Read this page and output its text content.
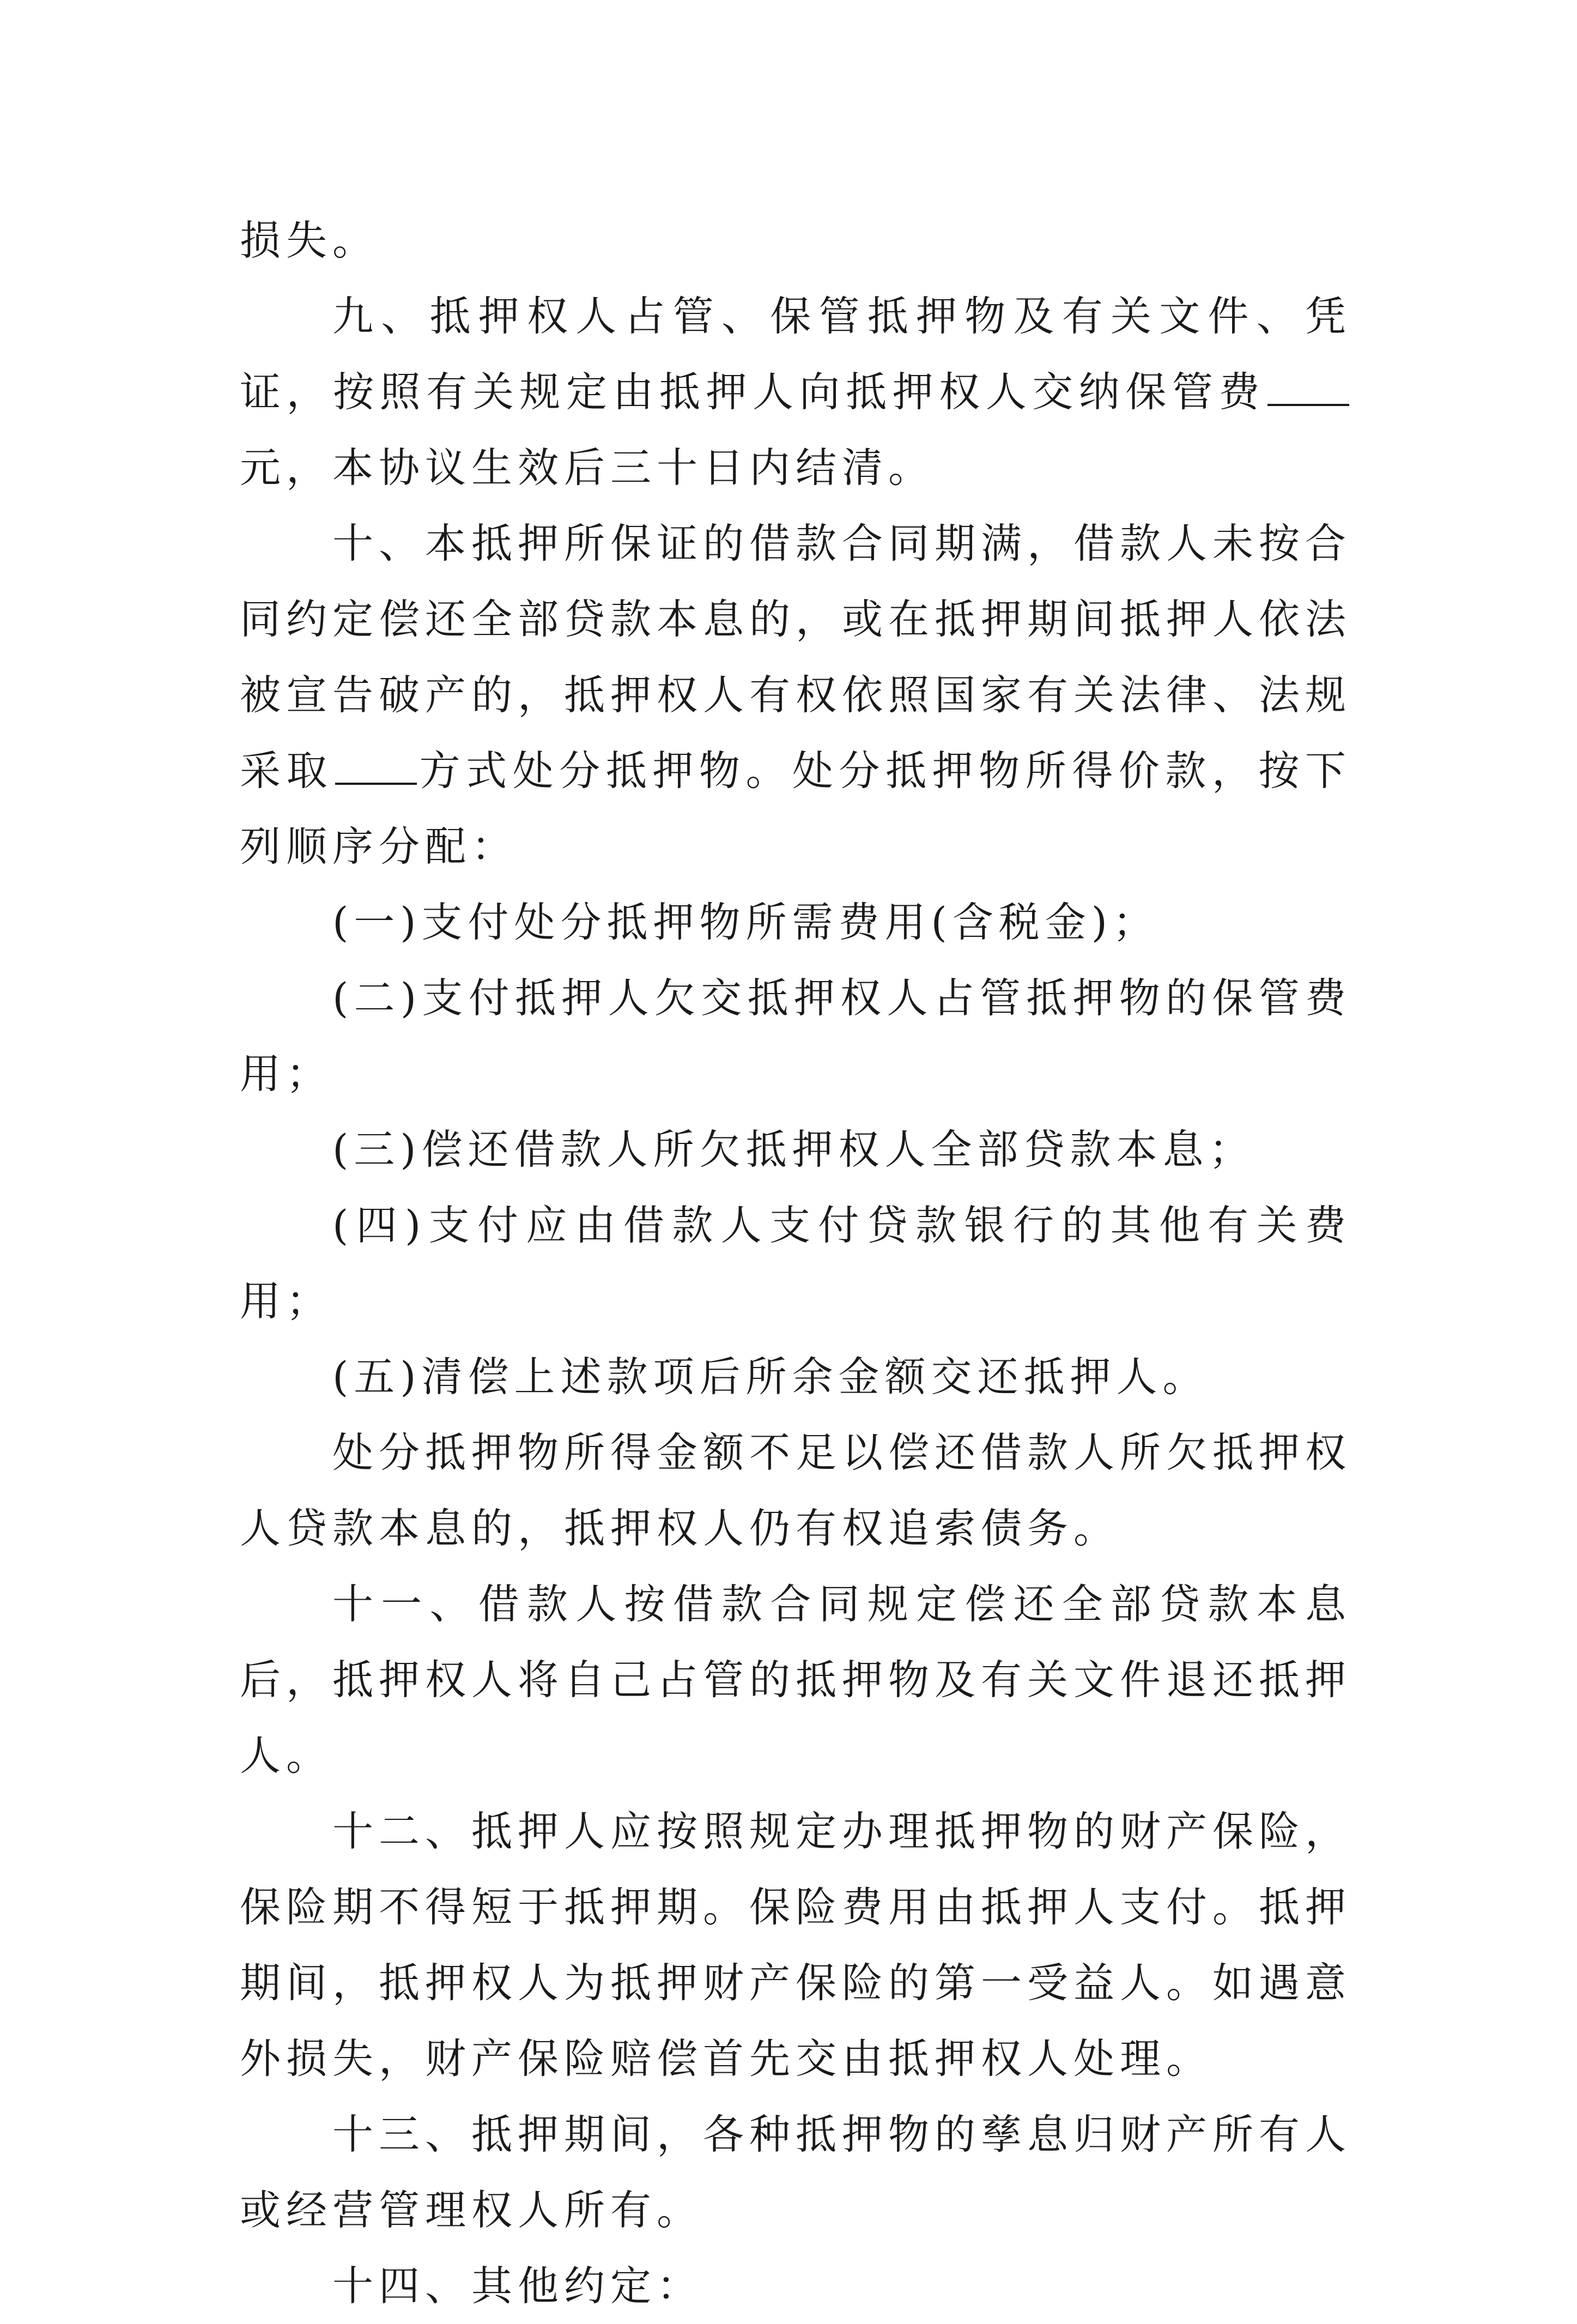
损失。

九、抵押权人占管、保管抵押物及有关文件、凭证，按照有关规定由抵押人向抵押权人交纳保管费元，本协议生效后三十日内结清。

十、本抵押所保证的借款合同期满，借款人未按合同约定偿还全部贷款本息的，或在抵押期间抵押人依法被宣告破产的，抵押权人有权依照国家有关法律、法规采取 方式处分抵押物。处分抵押物所得价款，按下列顺序分配：

(一)支付处分抵押物所需费用(含税金)；

(二)支付抵押人欠交抵押权人占管抵押物的保管费用；

(三)偿还借款人所欠抵押权人全部贷款本息；

(四)支付应由借款人支付贷款银行的其他有关费用；

(五)清偿上述款项后所余金额交还抵押人。

处分抵押物所得金额不足以偿还借款人所欠抵押权人贷款本息的，抵押权人仍有权追索债务。

十一、借款人按借款合同规定偿还全部贷款本息后，抵押权人将自己占管的抵押物及有关文件退还抵押人。

十二、抵押人应按照规定办理抵押物的财产保险，保险期不得短于抵押期。保险费用由抵押人支付。抵押期间，抵押权人为抵押财产保险的第一受益人。如遇意外损失，财产保险赔偿首先交由抵押权人处理。

十三、抵押期间，各种抵押物的孳息归财产所有人或经营管理权人所有。

十四、其他约定：
